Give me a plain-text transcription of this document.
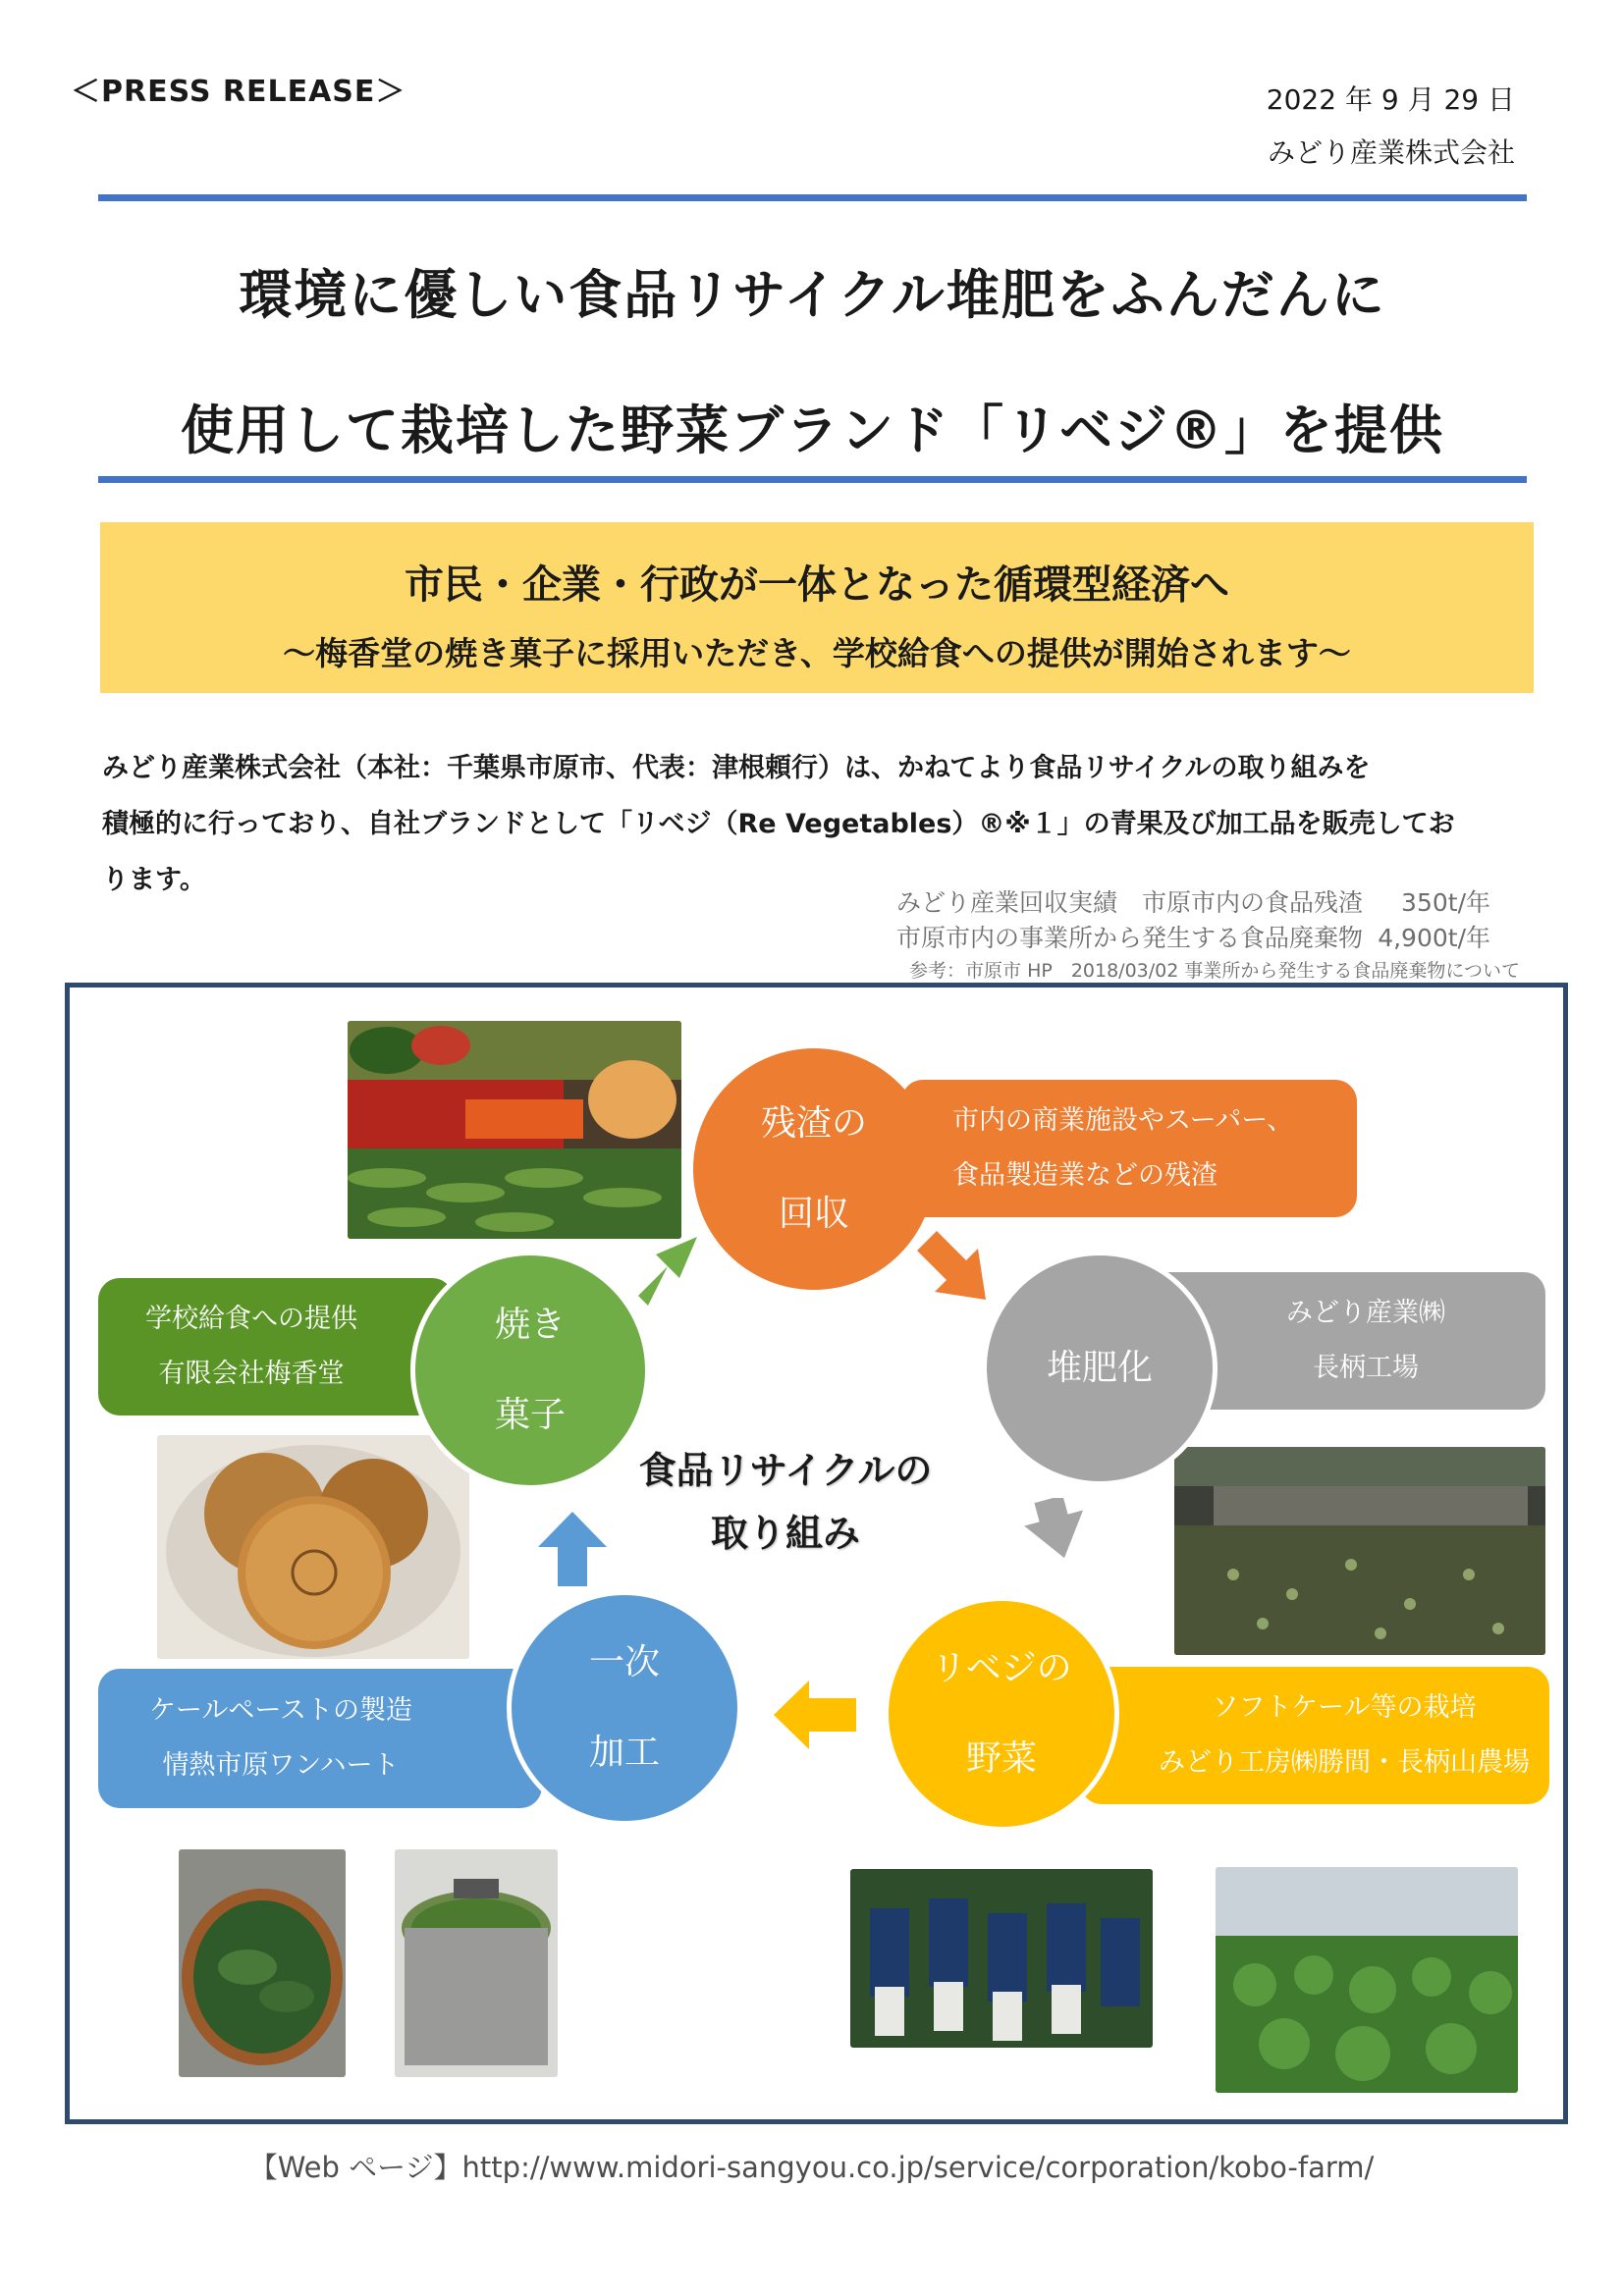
＜PRESS RELEASE＞	2022 年 9 月 29 日
みどり産業株式会社
環境に優しい食品リサイクル堆肥をふんだんに
使用して栽培した野菜ブランド「リベジ®」を提供
市民・企業・行政が一体となった循環型経済へ
～梅香堂の焼き菓子に採用いただき、学校給食への提供が開始されます～
みどり産業株式会社（本社：千葉県市原市、代表：津根頼行）は、かねてより食品リサイクルの取り組みを
積極的に行っており、自社ブランドとして「リベジ（Re Vegetables）®※１」の青果及び加工品を販売してお
ります。
みどり産業回収実績　市原市内の食品残渣 350t/年
市原市内の事業所から発生する食品廃棄物 4,900t/年
参考：市原市 HP　2018/03/02 事業所から発生する食品廃棄物について
市内の商業施設やスーパー、
食品製造業などの残渣
みどり産業㈱
長柄工場
ソフトケール等の栽培
みどり工房㈱勝間・長柄山農場
ケールペーストの製造
情熱市原ワンハート
学校給食への提供
有限会社梅香堂
残渣の
回収
堆肥化
リベジの
野菜
一次
加工
焼き
菓子
食品リサイクルの
取り組み
【Web ページ】http://www.midori-sangyou.co.jp/service/corporation/kobo-farm/
